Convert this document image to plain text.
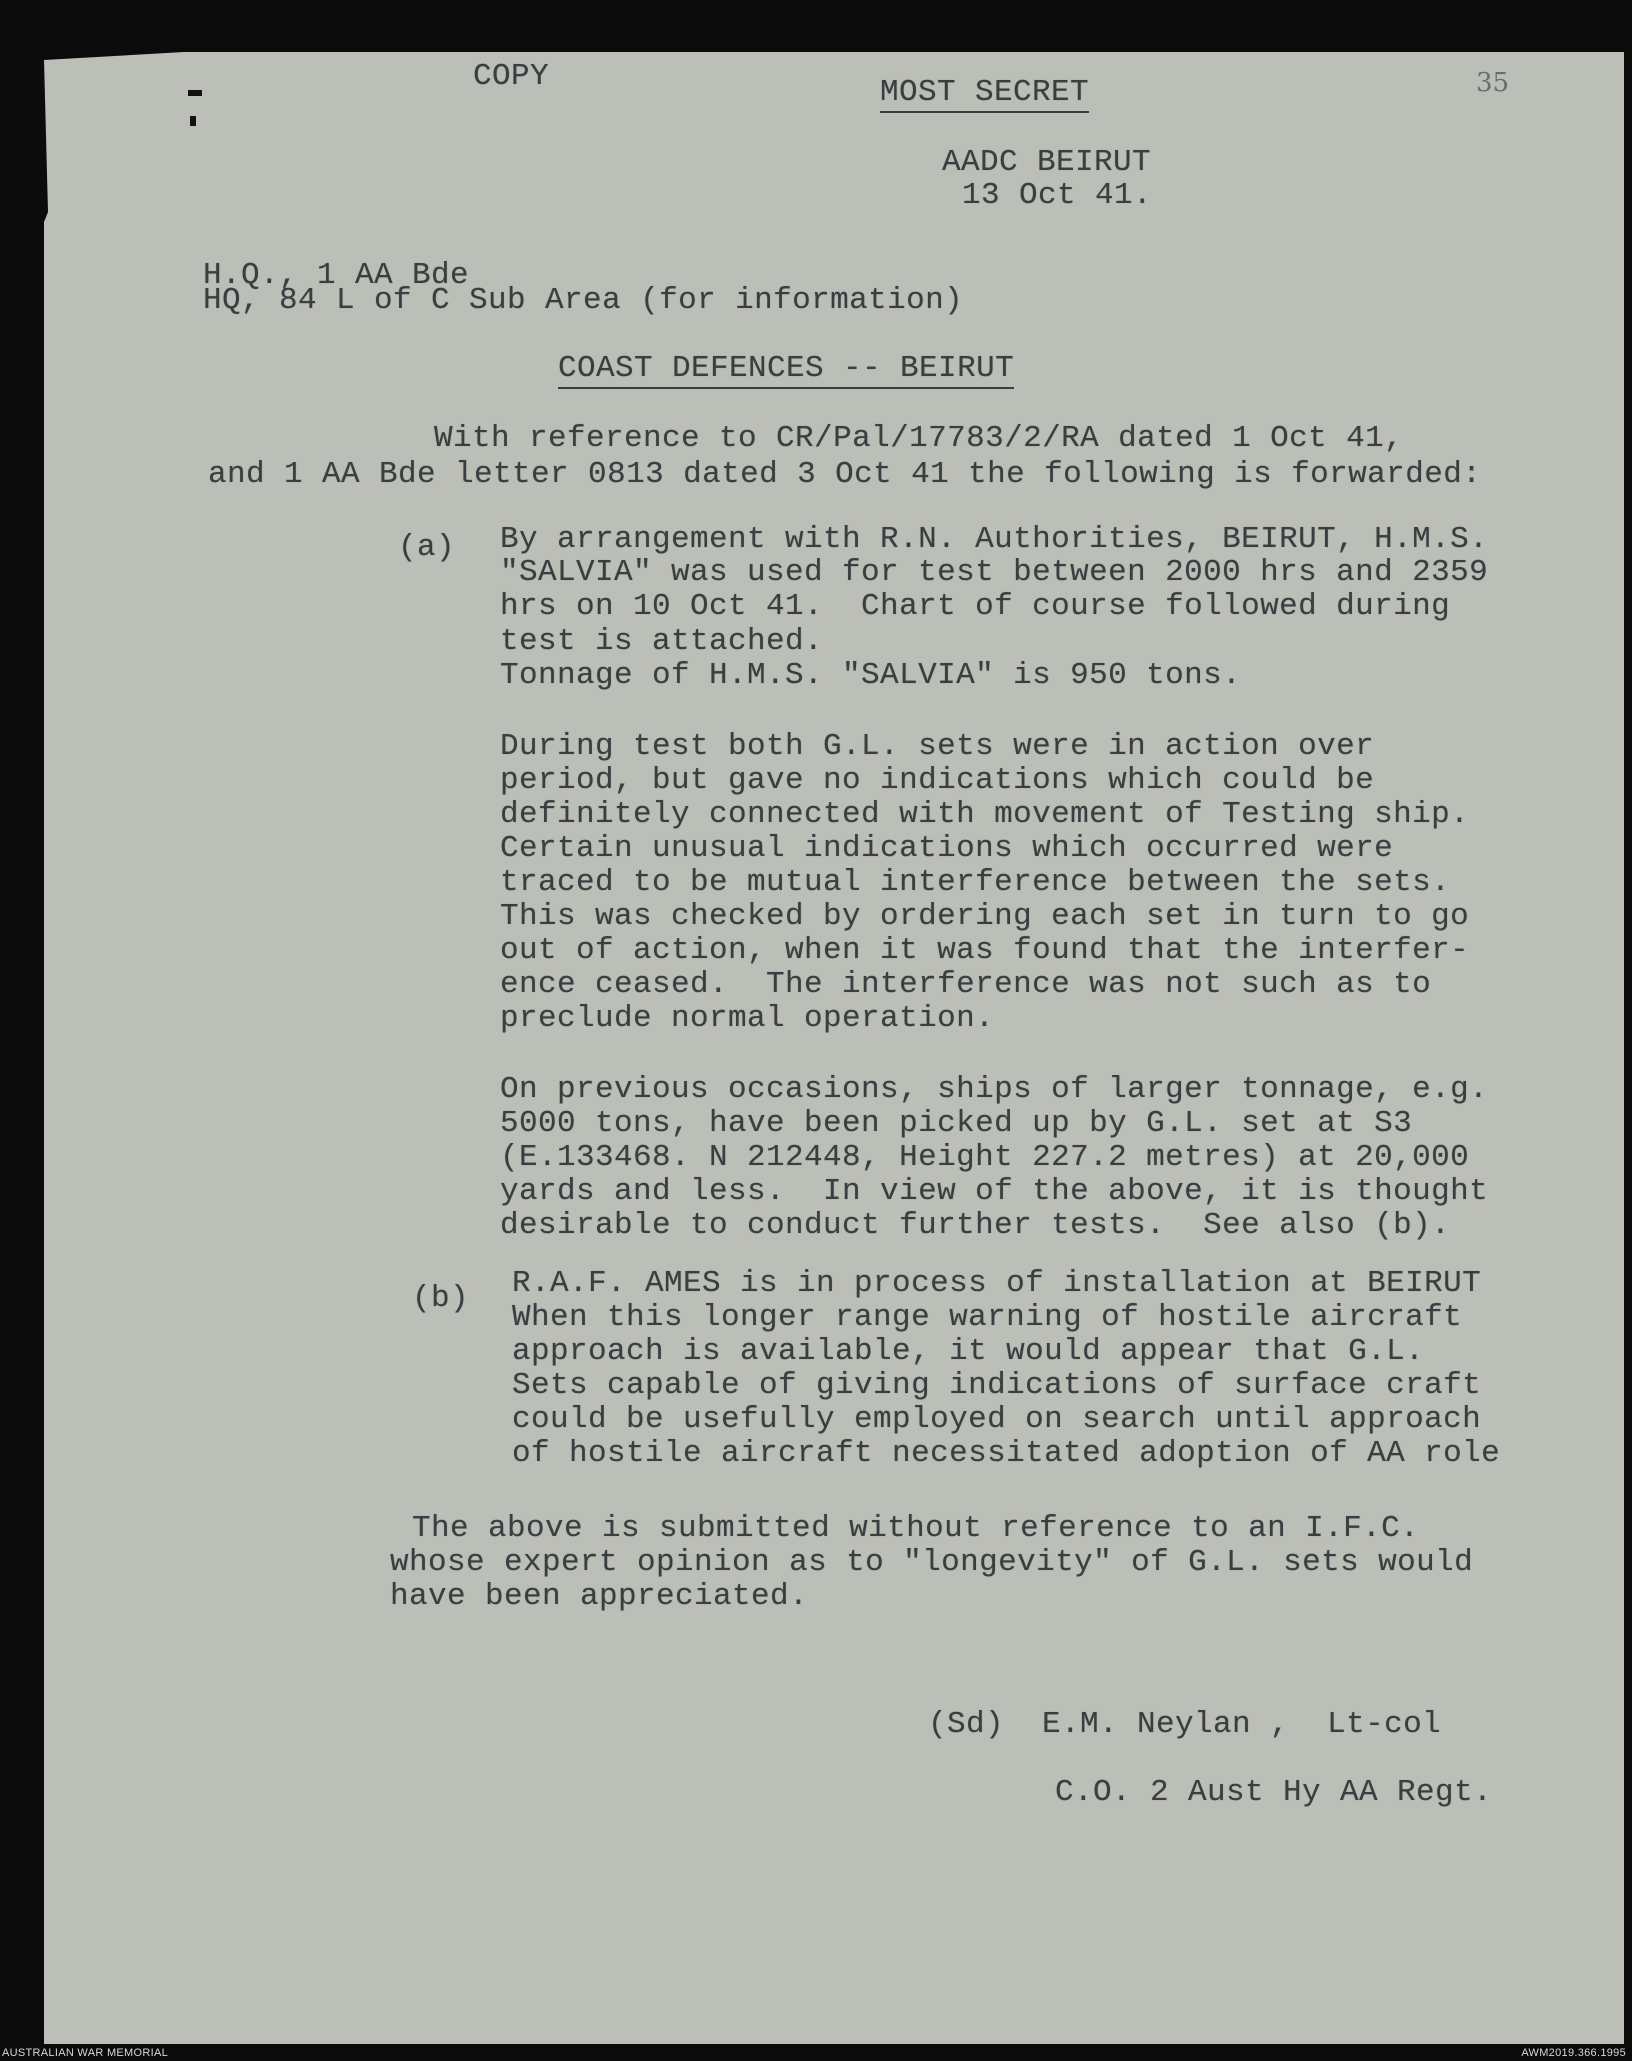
COPY	MOST SECRET	35
AADC BEIRUT
13 Oct 41.
H.Q., 1 AA Bde
HQ, 84 L of C Sub Area (for information)
COAST DEFENCES -- BEIRUT
With reference to CR/Pal/17783/2/RA dated 1 Oct 41,
and 1 AA Bde letter 0813 dated 3 Oct 41 the following is forwarded:
(a) By arrangement with R.N. Authorities, BEIRUT, H.M.S.
"SALVIA" was used for test between 2000 hrs and 2359
hrs on 10 Oct 41.  Chart of course followed during
test is attached.
Tonnage of H.M.S. "SALVIA" is 950 tons.
During test both G.L. sets were in action over
period, but gave no indications which could be
definitely connected with movement of Testing ship.
Certain unusual indications which occurred were
traced to be mutual interference between the sets.
This was checked by ordering each set in turn to go
out of action, when it was found that the interfer-
ence ceased.  The interference was not such as to
preclude normal operation.
On previous occasions, ships of larger tonnage, e.g.
5000 tons, have been picked up by G.L. set at S3
(E.133468. N 212448, Height 227.2 metres) at 20,000
yards and less.  In view of the above, it is thought
desirable to conduct further tests.  See also (b).
(b) R.A.F. AMES is in process of installation at BEIRUT
When this longer range warning of hostile aircraft
approach is available, it would appear that G.L.
Sets capable of giving indications of surface craft
could be usefully employed on search until approach
of hostile aircraft necessitated adoption of AA role
The above is submitted without reference to an I.F.C.
whose expert opinion as to "longevity" of G.L. sets would
have been appreciated.
(Sd)  E.M. Neylan ,  Lt-col
C.O. 2 Aust Hy AA Regt.
AUSTRALIAN WAR MEMORIAL	AWM2019.366.1995
